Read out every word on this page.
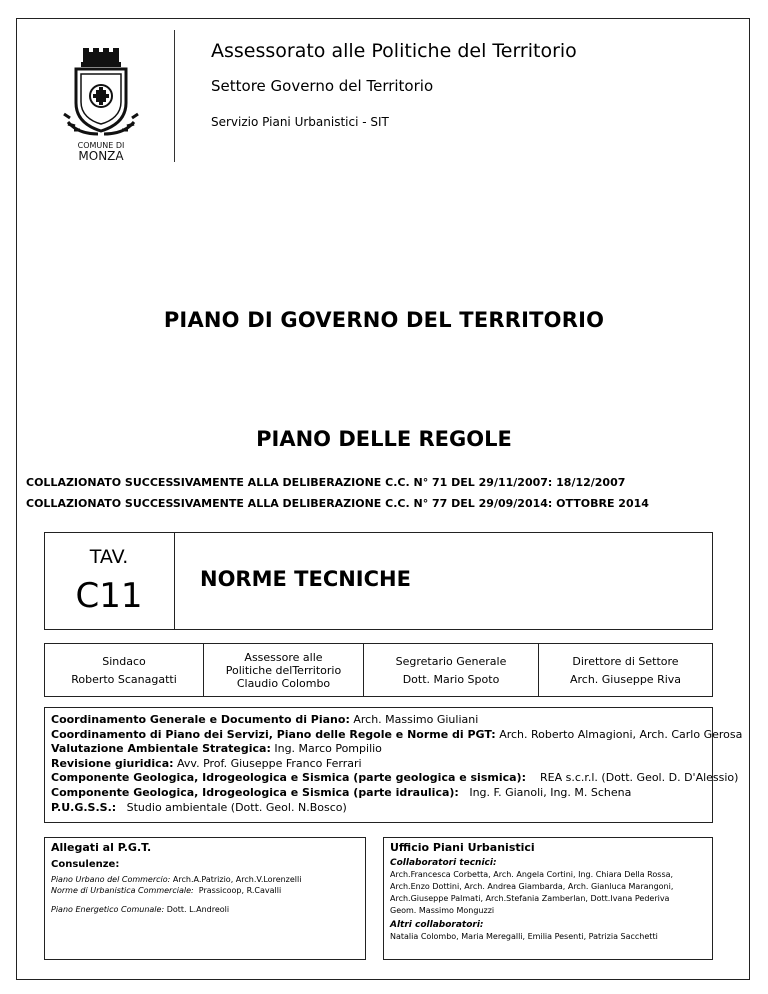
COMUNE DI
MONZA
Assessorato alle Politiche del Territorio
Settore Governo del Territorio
Servizio Piani Urbanistici - SIT
PIANO DI GOVERNO DEL TERRITORIO
PIANO DELLE REGOLE
COLLAZIONATO SUCCESSIVAMENTE ALLA DELIBERAZIONE C.C. N° 71 DEL 29/11/2007: 18/12/2007
COLLAZIONATO SUCCESSIVAMENTE ALLA DELIBERAZIONE C.C. N° 77 DEL 29/09/2014: OTTOBRE 2014
TAV.
C11	NORME TECNICHE
Sindaco
Roberto Scanagatti
Assessore alle
Politiche delTerritorio
Claudio Colombo
Segretario Generale
Dott. Mario Spoto
Direttore di Settore
Arch. Giuseppe Riva
Coordinamento Generale e Documento di Piano: Arch. Massimo Giuliani
Coordinamento di Piano dei Servizi, Piano delle Regole e Norme di PGT: Arch. Roberto Almagioni, Arch. Carlo Gerosa
Valutazione Ambientale Strategica: Ing. Marco Pompilio
Revisione giuridica: Avv. Prof. Giuseppe Franco Ferrari
Componente Geologica, Idrogeologica e Sismica (parte geologica e sismica): REA s.c.r.l. (Dott. Geol. D. D'Alessio)
Componente Geologica, Idrogeologica e Sismica (parte idraulica): Ing. F. Gianoli, Ing. M. Schena
P.U.G.S.S.: Studio ambientale (Dott. Geol. N.Bosco)
Allegati al P.G.T.
Consulenze:
Piano Urbano del Commercio: Arch.A.Patrizio, Arch.V.Lorenzelli
Norme di Urbanistica Commerciale: Prassicoop, R.Cavalli
Piano Energetico Comunale: Dott. L.Andreoli
Ufficio Piani Urbanistici
Collaboratori tecnici:
Arch.Francesca Corbetta, Arch. Angela Cortini, Ing. Chiara Della Rossa,
Arch.Enzo Dottini, Arch. Andrea Giambarda, Arch. Gianluca Marangoni,
Arch.Giuseppe Palmati, Arch.Stefania Zamberlan, Dott.Ivana Pederiva
Geom. Massimo Monguzzi
Altri collaboratori:
Natalia Colombo, Maria Meregalli, Emilia Pesenti, Patrizia Sacchetti
